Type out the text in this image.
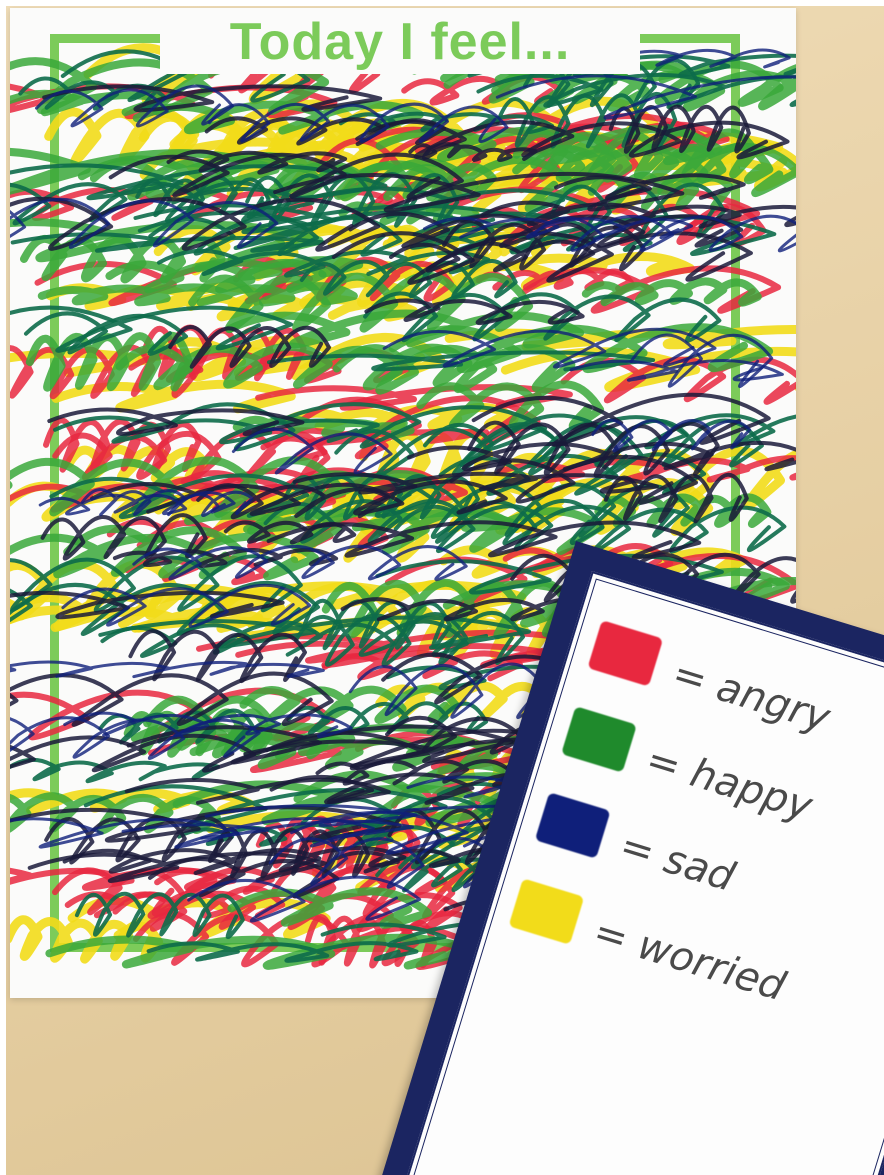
Today I feel...
= angry
= happy
= sad
= worried
